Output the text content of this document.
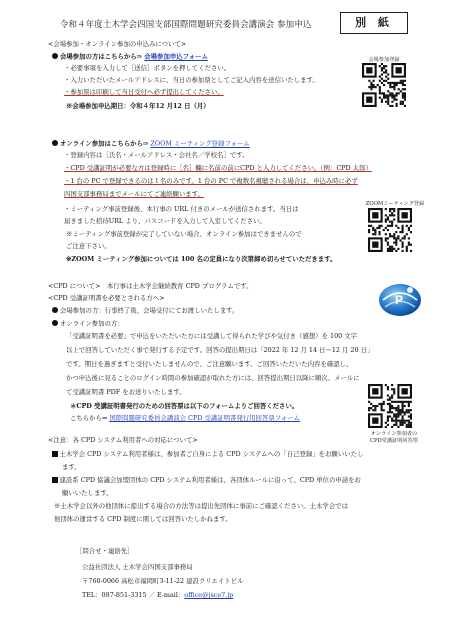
令和４年度土木学会四国支部国際問題研究委員会講演会 参加申込	別 紙
<会場参加・オンライン参加の申込みについて>
会場参加の方はこちらから⇒ 会場参加申込フォーム
・必要事項を入力して［送信］ボタンを押してください。
・入力いただいたメールアドレスに、当日の参加票としてご記入内容を送信いたします。
・参加票は印刷して当日受付へ必ず提出してください。
※会場参加申込期日：令和４年12 月12 日（月）
会場参加登録
オンライン参加はこちらから⇒ ZOOM ミーティング登録フォーム
・登録内容は［氏名・メールアドレス・会社名／学校名］です。
・CPD 受講証明が必要な方は登録時に［名］欄に名前の前にCPD と入力してください。（例：CPD 太郎）
・1 台の PC で登録できるのは１名のみです。1 台の PC で複数名視聴される場合は、申込み時に必ず
四国支部事務局までメールにてご連絡願います。
・ミーティング事前登録後、本行事の URL 付きのメールが送信されます。当日は
届きました招待URL より、パスコードを入力して入室してください。
※ミーティング事前登録が完了していない場合、オンライン参加はできませんので
ご注意下さい。
※ZOOM ミーティング参加については 100 名の定員になり次第締め切らせていただきます。
ZOOMミーティング登録
<CPD について>　本行事は土木学会継続教育 CPD プログラムです。
<CPD 受講証明書を必要とされる方へ>	P
会場参加の方：行事終了後、会場受付にてお渡しいたします。
オンライン参加の方：
「受講証明書を必要」で申込をいただいた方には受講して得られた学びや気付き（感想）を 100 文字
以上で回答していただく事で発行する予定です。回答の提出期日は「2022 年 12 月 14 日～12 月 20 日」
です。期日を過ぎますと受付いたしませんので、ご注意願います。ご回答いただいた内容を確認し、
かつ申込後に見ることのログイン時間の参加確認が取れた方には、回答提出期日以降に順次、メールに
て受講証明書 PDF をお送りいたします。
＊CPD 受講証明書発行のための回答票は以下のフォームよりご回答ください。
こちらから⇒ 国際問題研究委員会講演会 CPD 受講証明書発行用回答票フォーム
オンライン参加者の
CPD受講証明回答票
<注意：各 CPD システム利用者への対応について>
土木学会 CPD システム利用者様は、参加者ご自身による CPD システムへの「自己登録」をお願いいたし
ます。
建設系 CPD 協議会加盟団体の CPD システム利用者様は、各団体ルールに沿って、CPD 単位の申請をお
願いいたします。
※土木学会以外の他団体に提出する場合の方法等は提出先団体に事前にご確認ください。土木学会では
他団体の運営する CPD 制度に関しては回答いたしかねます。
［問合せ・連絡先］
公益社団法人 土木学会四国支部事務局
〒760-0066 高松市福岡町3-11-22 建設クリエイトビル
TEL：087-851-3315 ／ E-mail：office@jsce7.jp
